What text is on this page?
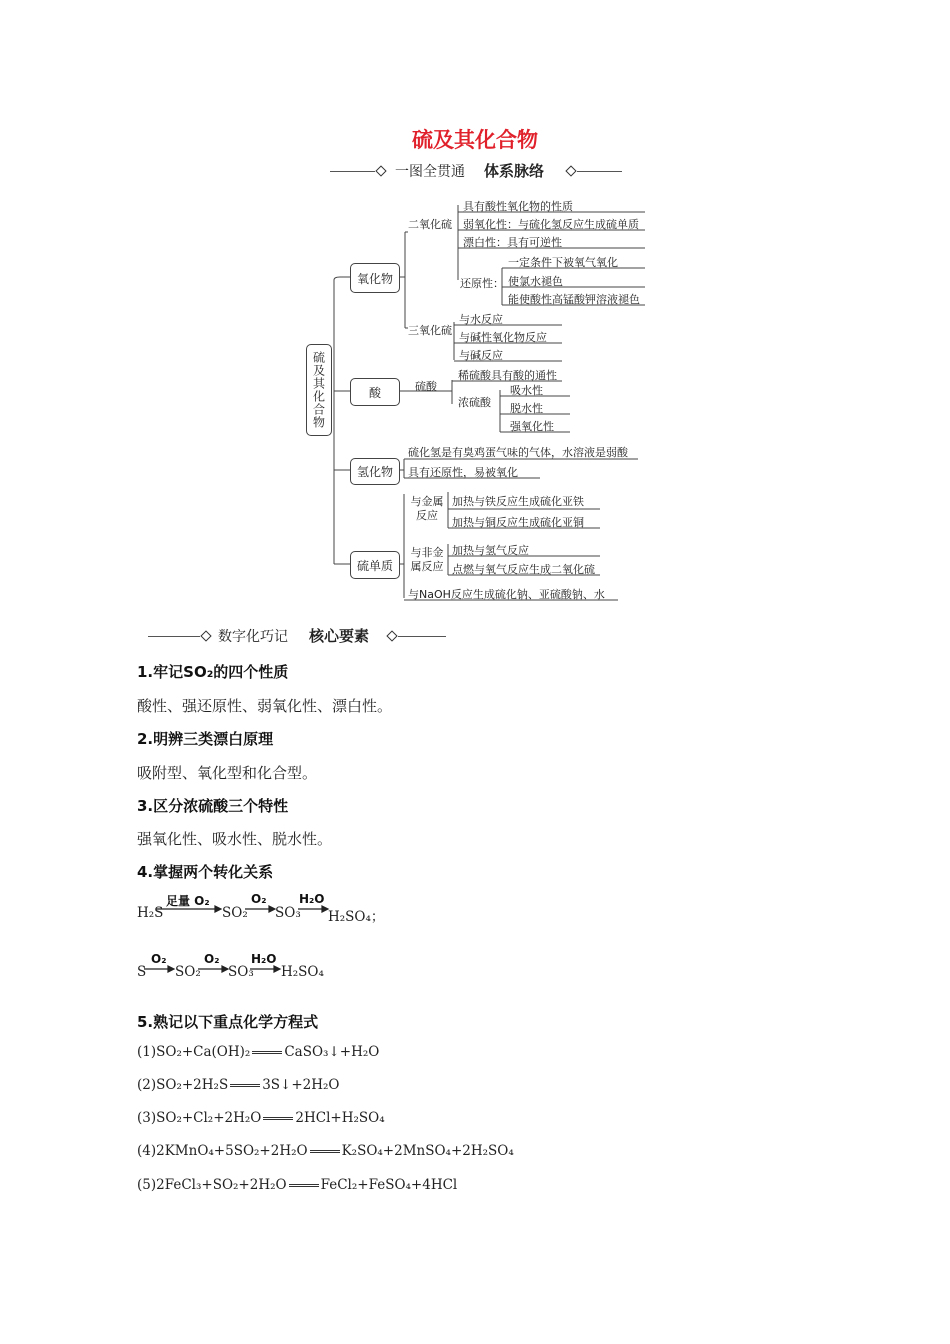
硫及其化合物
一图全贯通 体系脉络
硫及其化合物
氧化物
酸
氢化物
硫单质
二氧化硫
具有酸性氧化物的性质
弱氧化性：与硫化氢反应生成硫单质
漂白性：具有可逆性
还原性：
一定条件下被氧气氧化
使氯水褪色
能使酸性高锰酸钾溶液褪色
三氧化硫
与水反应
与碱性氧化物反应
与碱反应
硫酸
稀硫酸具有酸的通性
浓硫酸
吸水性
脱水性
强氧化性
硫化氢是有臭鸡蛋气味的气体，水溶液是弱酸
具有还原性，易被氧化
与金属反应
加热与铁反应生成硫化亚铁
加热与铜反应生成硫化亚铜
与非金属反应
加热与氢气反应
点燃与氧气反应生成二氧化硫
与NaOH反应生成硫化钠、亚硫酸钠、水
数字化巧记 核心要素
1.牢记SO₂的四个性质
酸性、强还原性、弱氧化性、漂白性。
2.明辨三类漂白原理
吸附型、氧化型和化合型。
3.区分浓硫酸三个特性
强氧化性、吸水性、脱水性。
4.掌握两个转化关系
H₂S
足量 O₂
SO₂
O₂
SO₃
H₂O
H₂SO₄；
S
O₂
SO₂
O₂
SO₃
H₂O
H₂SO₄
5.熟记以下重点化学方程式
(1)SO₂+Ca(OH)₂	CaSO₃↓+H₂O
(2)SO₂+2H₂S	3S↓+2H₂O
(3)SO₂+Cl₂+2H₂O	2HCl+H₂SO₄
(4)2KMnO₄+5SO₂+2H₂O	K₂SO₄+2MnSO₄+2H₂SO₄
(5)2FeCl₃+SO₂+2H₂O	FeCl₂+FeSO₄+4HCl
